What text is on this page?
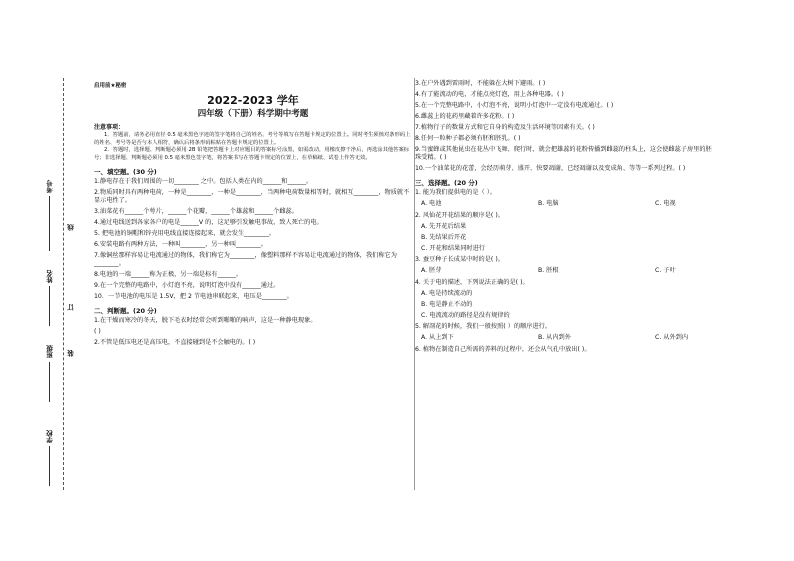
考号
线
姓名
订
班级 装
学校
启用前★秘密
2022-2023 学年
四年级（下册）科学期中考题
注意事项：
1．答题前，请务必用直径 0.5 毫米黑色字迹的签字笔将自己的姓名、考号等填写在答题卡规定的位置上。同时考生须核对条形码上的姓名、考号等是否与本人相符，确认后将条形码粘贴在答题卡规定的位置上。
2．答题时，选择题、判断题必须用 2B 铅笔把答题卡上对应题目的答案标号涂黑，如需改动，用橡皮擦干净后，再选涂其他答案标号；非选择题、判断题必须用 0.5 毫米黑色签字笔，将答案书写在答题卡规定的位置上，在草稿纸、试卷上作答无效。
一、填空题。(30 分)
1.静电存在于我们周围的一切________ 之中。包括人类在内的______和______。
2.物质同时具有两种电荷，一种是________，一种是________，当两种电荷数量相等时，就相互________，物质就不显示电性了。
3.油菜花有______个萼片，______个花瓣，______个雄蕊和______个雌蕊。
4.通过电线送到各家各户的电是______V 的，这足够引发触电事故，致人死亡的电。
5. 把电池的铜帽和锌壳用电线直接连接起来，就会发生________。
6.安装电路有两种方法，一种叫________，另一种叫________。
7.像铜丝那样容易让电流通过的物体，我们称它为________，像塑料那样不容易让电流通过的物体，我们称它为________。
8.电池的一端______称为正极，另一端是标有______。
9.在一个完整的电路中，小灯泡不亮，说明灯泡中没有______通过。
10．一节电池的电压是 1.5V，把 2 节电池串联起来，电压是________。
二、判断题。(20 分)
1.在干燥而寒冷的冬天，脱下毛衣时经常会听到啪啪的响声，这是一种静电现象。
( )
2.不管是低压电还是高压电，不直接碰到是不会触电的。( )
3.在户外遇到雷雨时，不能躲在大树下避雨。( )
4.有了能流动的电，才能点亮灯泡，用上各种电器。( )
5.在一个完整电路中，小灯泡不亮，说明小灯泡中一定没有电流通过。( )
6.雌蕊上的花药里藏着许多花粉。( )
7.植物行子的数量方式和它自身的构造及生活环境等因素有关。( )
8.任何一粒种子都必须有胚和胚乳。( )
9.当蜜蜂或其他昆虫在花丛中飞舞、爬行时，就会把雄蕊的花粉传播到雌蕊的柱头上，这会使雌蕊子房里的胚珠受精。( )
10.一个油菜花的花蕾，会经历萌芽、盛开、快要凋谢，已经凋谢以及变成角、等等一系列过程。( )
三、选择题。(20 分)
1. 能为我们提供电的是（ ）。
A. 电池	B. 电脑	C. 电视
2. 风仙花开花结果的顺序是( )。
A. 先开花后结果
B. 先结果后开花
C. 开花和结果同时进行
3. 蚕豆种子长成某中时的是( )。
A. 胚芽	B. 胚根	C. 子叶
4. 关于电的描述，下列说法正确的是( )。
A. 电是持续流动的
B. 电是静止不动的
C. 电流流动的路径是没有规律的
5. 解剖花的时候，我们一般按照( ）的顺序进行。
A. 从上到下	B. 从内到外	C. 从外到内
6. 植物在制造自己所需的养料的过程中，还会从气孔中放出( )。
